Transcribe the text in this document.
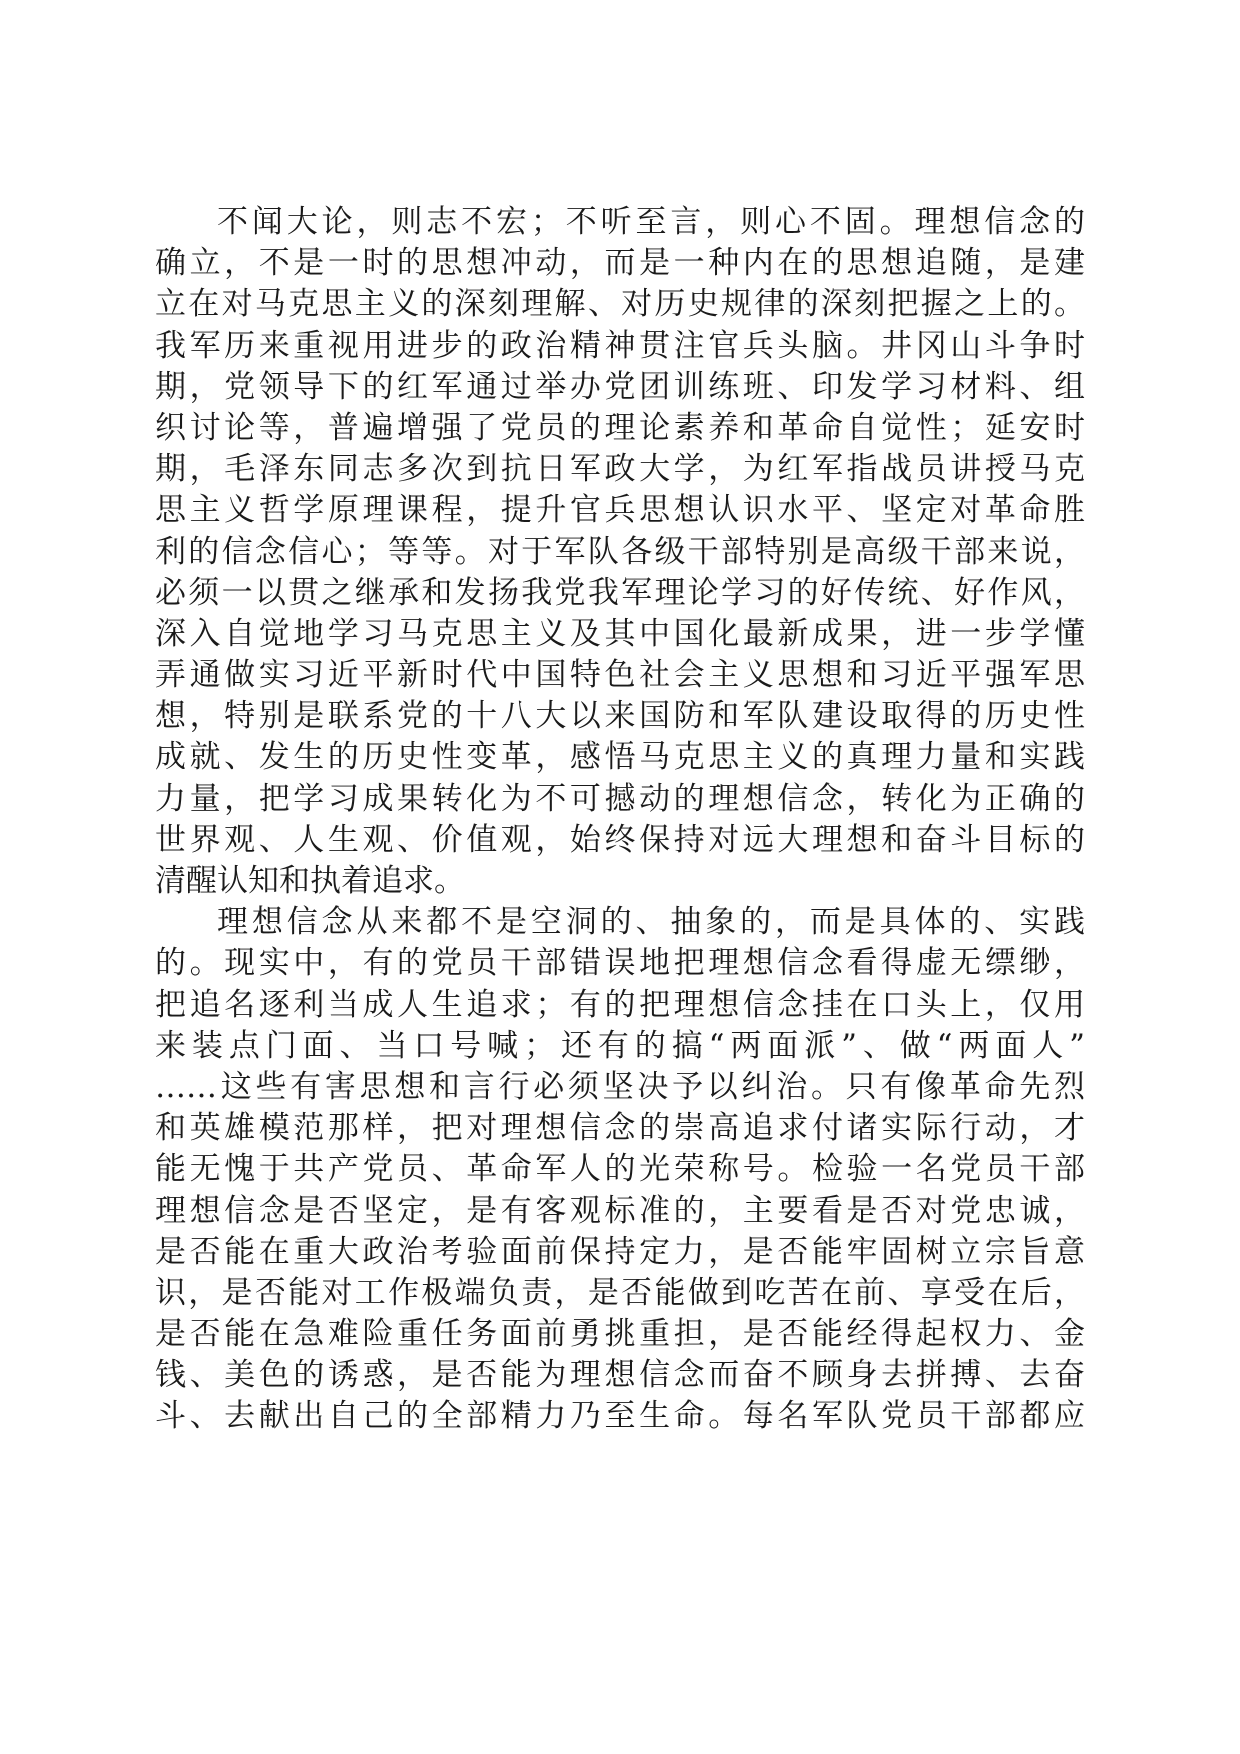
不闻大论，则志不宏；不听至言，则心不固。理想信念的
确立，不是一时的思想冲动，而是一种内在的思想追随，是建
立在对马克思主义的深刻理解、对历史规律的深刻把握之上的。
我军历来重视用进步的政治精神贯注官兵头脑。井冈山斗争时
期，党领导下的红军通过举办党团训练班、印发学习材料、组
织讨论等，普遍增强了党员的理论素养和革命自觉性；延安时
期，毛泽东同志多次到抗日军政大学，为红军指战员讲授马克
思主义哲学原理课程，提升官兵思想认识水平、坚定对革命胜
利的信念信心；等等。对于军队各级干部特别是高级干部来说，
必须一以贯之继承和发扬我党我军理论学习的好传统、好作风，
深入自觉地学习马克思主义及其中国化最新成果，进一步学懂
弄通做实习近平新时代中国特色社会主义思想和习近平强军思
想，特别是联系党的十八大以来国防和军队建设取得的历史性
成就、发生的历史性变革，感悟马克思主义的真理力量和实践
力量，把学习成果转化为不可撼动的理想信念，转化为正确的
世界观、人生观、价值观，始终保持对远大理想和奋斗目标的
清醒认知和执着追求。
理想信念从来都不是空洞的、抽象的，而是具体的、实践
的。现实中，有的党员干部错误地把理想信念看得虚无缥缈，
把追名逐利当成人生追求；有的把理想信念挂在口头上，仅用
来装点门面、当口号喊；还有的搞“两面派”、做“两面人”
……这些有害思想和言行必须坚决予以纠治。只有像革命先烈
和英雄模范那样，把对理想信念的崇高追求付诸实际行动，才
能无愧于共产党员、革命军人的光荣称号。检验一名党员干部
理想信念是否坚定，是有客观标准的，主要看是否对党忠诚，
是否能在重大政治考验面前保持定力，是否能牢固树立宗旨意
识，是否能对工作极端负责，是否能做到吃苦在前、享受在后，
是否能在急难险重任务面前勇挑重担，是否能经得起权力、金
钱、美色的诱惑，是否能为理想信念而奋不顾身去拼搏、去奋
斗、去献出自己的全部精力乃至生命。每名军队党员干部都应
